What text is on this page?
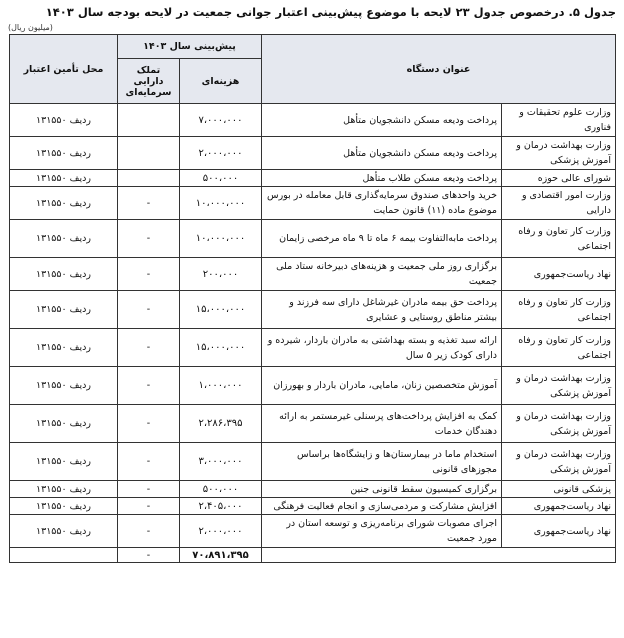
جدول ۵. درخصوص جدول ۲۳ لایحه با موضوع پیش‌بینی اعتبار جوانی جمعیت در لایحه بودجه سال ۱۴۰۳
(میلیون ریال)
عنوان دستگاه		پیش‌بینی سال ۱۴۰۳		محل تأمین اعتبار
		هزینه‌ای	تملک دارایی سرمایه‌ای	
وزارت علوم تحقیقات و فناوری	پرداخت ودیعه مسکن دانشجویان متأهل	۷،۰۰۰،۰۰۰		ردیف ۱۳۱۵۵۰
وزارت بهداشت درمان و آموزش پزشکی	پرداخت ودیعه مسکن دانشجویان متأهل	۲،۰۰۰،۰۰۰		ردیف ۱۳۱۵۵۰
شورای عالی حوزه	پرداخت ودیعه مسکن طلاب متأهل	۵۰۰،۰۰۰		ردیف ۱۳۱۵۵۰
وزارت امور اقتصادی و دارایی	خرید واحدهای صندوق سرمایه‌گذاری قابل معامله در بورس موضوع ماده (۱۱) قانون حمایت	۱۰،۰۰۰،۰۰۰	-	ردیف ۱۳۱۵۵۰
وزارت کار تعاون و رفاه اجتماعی	پرداخت مابه‌التفاوت بیمه ۶ ماه تا ۹ ماه مرخصی زایمان	۱۰،۰۰۰،۰۰۰	-	ردیف ۱۳۱۵۵۰
نهاد ریاست‌جمهوری	برگزاری روز ملی جمعیت و هزینه‌های دبیرخانه ستاد ملی جمعیت	۲۰۰،۰۰۰	-	ردیف ۱۳۱۵۵۰
وزارت کار تعاون و رفاه اجتماعی	پرداخت حق بیمه مادران غیرشاغل دارای سه فرزند و بیشتر مناطق روستایی و عشایری	۱۵،۰۰۰،۰۰۰	-	ردیف ۱۳۱۵۵۰
وزارت کار تعاون و رفاه اجتماعی	ارائه سبد تغذیه و بسته بهداشتی به مادران باردار، شیرده و دارای کودک زیر ۵ سال	۱۵،۰۰۰،۰۰۰	-	ردیف ۱۳۱۵۵۰
وزارت بهداشت درمان و آموزش پزشکی	آموزش متخصصین زنان، مامایی، مادران باردار و بهورزان	۱،۰۰۰،۰۰۰	-	ردیف ۱۳۱۵۵۰
وزارت بهداشت درمان و آموزش پزشکی	کمک به افزایش پرداخت‌های پرسنلی غیرمستمر به ارائه دهندگان خدمات	۲،۲۸۶،۳۹۵	-	ردیف ۱۳۱۵۵۰
وزارت بهداشت درمان و آموزش پزشکی	استخدام ماما در بیمارستان‌ها و زایشگاه‌ها براساس مجوزهای قانونی	۳،۰۰۰،۰۰۰	-	ردیف ۱۳۱۵۵۰
پزشکی قانونی	برگزاری کمیسیون سقط قانونی جنین	۵۰۰،۰۰۰	-	ردیف ۱۳۱۵۵۰
نهاد ریاست‌جمهوری	افزایش مشارکت و مردمی‌سازی و انجام فعالیت فرهنگی	۲،۴۰۵،۰۰۰	-	ردیف ۱۳۱۵۵۰
نهاد ریاست‌جمهوری	اجرای مصوبات شورای برنامه‌ریزی و توسعه استان در مورد جمعیت	۲،۰۰۰،۰۰۰	-	ردیف ۱۳۱۵۵۰
		۷۰،۸۹۱،۳۹۵	-	
